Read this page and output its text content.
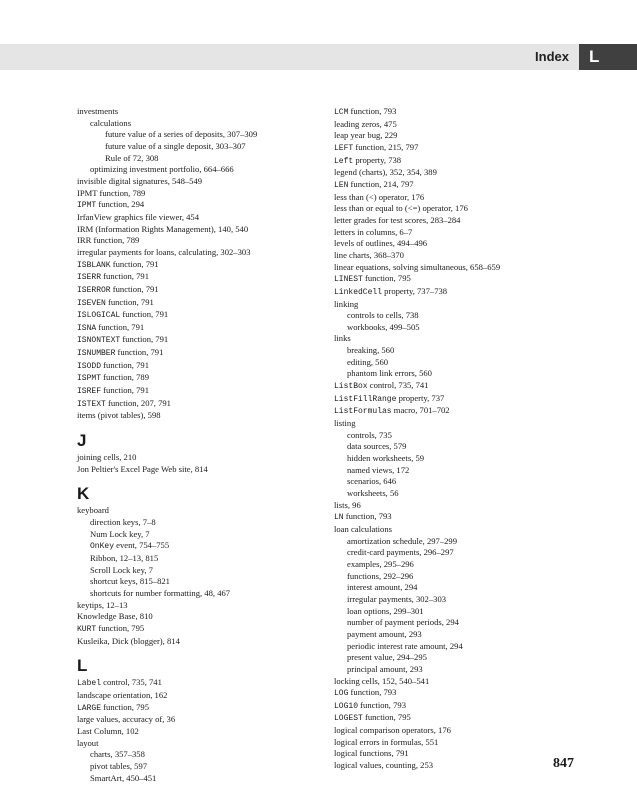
Index	L
investments
calculations
future value of a series of deposits, 307–309
future value of a single deposit, 303–307
Rule of 72, 308
optimizing investment portfolio, 664–666
invisible digital signatures, 548–549
IPMT function, 789
IPMT function, 294
IrfanView graphics file viewer, 454
IRM (Information Rights Management), 140, 540
IRR function, 789
irregular payments for loans, calculating, 302–303
ISBLANK function, 791
ISERR function, 791
ISERROR function, 791
ISEVEN function, 791
ISLOGICAL function, 791
ISNA function, 791
ISNONTEXT function, 791
ISNUMBER function, 791
ISODD function, 791
ISPMT function, 789
ISREF function, 791
ISTEXT function, 207, 791
items (pivot tables), 598
J
joining cells, 210
Jon Peltier's Excel Page Web site, 814
K
keyboard
direction keys, 7–8
Num Lock key, 7
OnKey event, 754–755
Ribbon, 12–13, 815
Scroll Lock key, 7
shortcut keys, 815–821
shortcuts for number formatting, 48, 467
keytips, 12–13
Knowledge Base, 810
KURT function, 795
Kusleika, Dick (blogger), 814
L
Label control, 735, 741
landscape orientation, 162
LARGE function, 795
large values, accuracy of, 36
Last Column, 102
layout
charts, 357–358
pivot tables, 597
SmartArt, 450–451
LCM function, 793
leading zeros, 475
leap year bug, 229
LEFT function, 215, 797
Left property, 738
legend (charts), 352, 354, 389
LEN function, 214, 797
less than (<) operator, 176
less than or equal to (<=) operator, 176
letter grades for test scores, 283–284
letters in columns, 6–7
levels of outlines, 494–496
line charts, 368–370
linear equations, solving simultaneous, 658–659
LINEST function, 795
LinkedCell property, 737–738
linking
controls to cells, 738
workbooks, 499–505
links
breaking, 560
editing, 560
phantom link errors, 560
ListBox control, 735, 741
ListFillRange property, 737
ListFormulas macro, 701–702
listing
controls, 735
data sources, 579
hidden worksheets, 59
named views, 172
scenarios, 646
worksheets, 56
lists, 96
LN function, 793
loan calculations
amortization schedule, 297–299
credit-card payments, 296–297
examples, 295–296
functions, 292–296
interest amount, 294
irregular payments, 302–303
loan options, 299–301
number of payment periods, 294
payment amount, 293
periodic interest rate amount, 294
present value, 294–295
principal amount, 293
locking cells, 152, 540–541
LOG function, 793
LOG10 function, 793
LOGEST function, 795
logical comparison operators, 176
logical errors in formulas, 551
logical functions, 791
logical values, counting, 253	847
